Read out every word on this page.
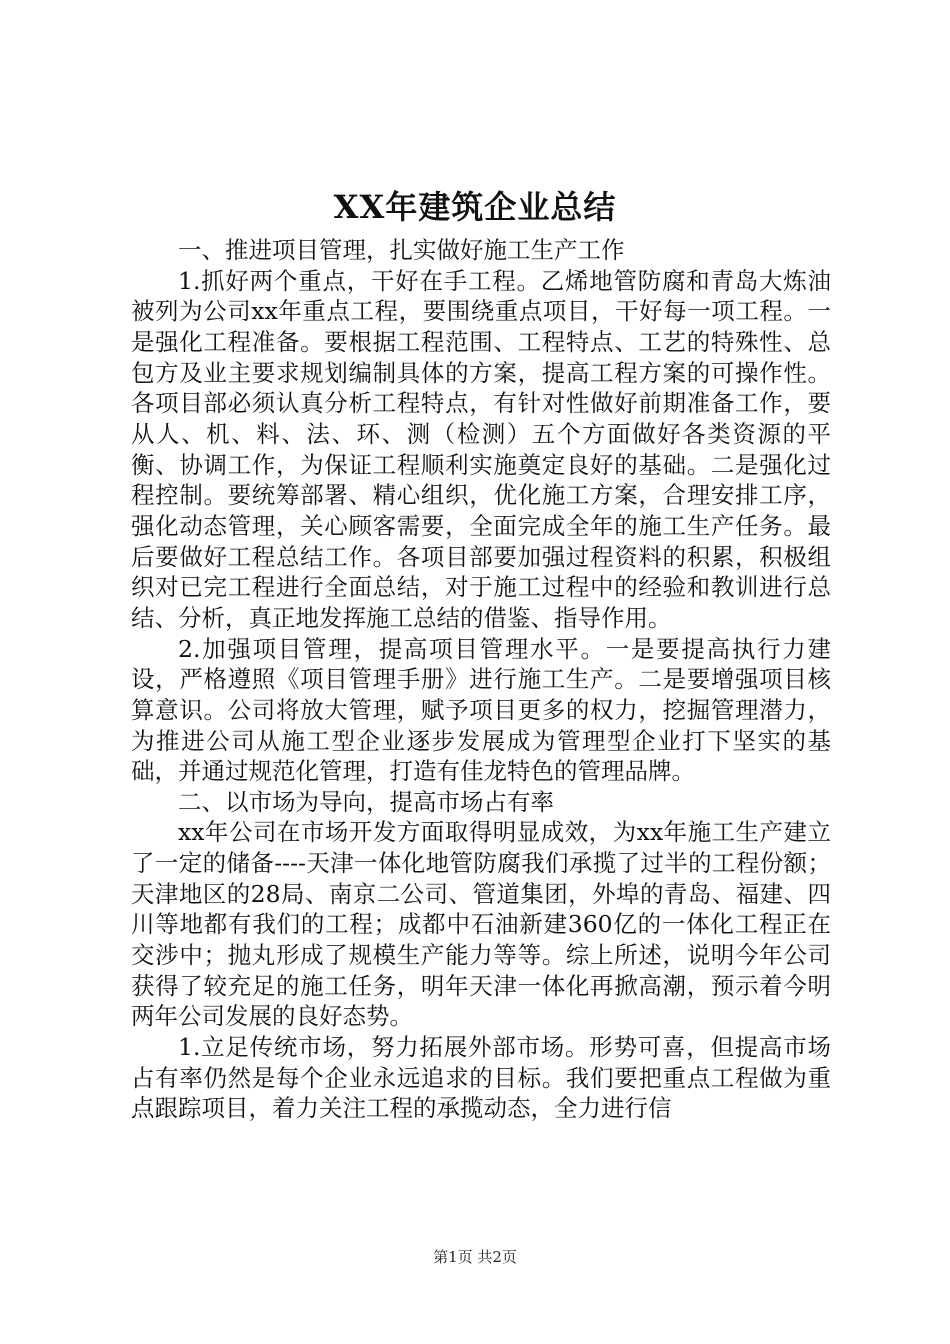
XX年建筑企业总结

一、推进项目管理，扎实做好施工生产工作

1.抓好两个重点，干好在手工程。乙烯地管防腐和青岛大炼油被列为公司xx年重点工程，要围绕重点项目，干好每一项工程。一是强化工程准备。要根据工程范围、工程特点、工艺的特殊性、总包方及业主要求规划编制具体的方案，提高工程方案的可操作性。各项目部必须认真分析工程特点，有针对性做好前期准备工作，要从人、机、料、法、环、测（检测）五个方面做好各类资源的平衡、协调工作，为保证工程顺利实施奠定良好的基础。二是强化过程控制。要统筹部署、精心组织，优化施工方案，合理安排工序，强化动态管理，关心顾客需要，全面完成全年的施工生产任务。最后要做好工程总结工作。各项目部要加强过程资料的积累，积极组织对已完工程进行全面总结，对于施工过程中的经验和教训进行总结、分析，真正地发挥施工总结的借鉴、指导作用。

2.加强项目管理，提高项目管理水平。一是要提高执行力建设，严格遵照《项目管理手册》进行施工生产。二是要增强项目核算意识。公司将放大管理，赋予项目更多的权力，挖掘管理潜力，为推进公司从施工型企业逐步发展成为管理型企业打下坚实的基础，并通过规范化管理，打造有佳龙特色的管理品牌。

二、以市场为导向，提高市场占有率

xx年公司在市场开发方面取得明显成效，为xx年施工生产建立了一定的储备----天津一体化地管防腐我们承揽了过半的工程份额；天津地区的28局、南京二公司、管道集团，外埠的青岛、福建、四川等地都有我们的工程；成都中石油新建360亿的一体化工程正在交涉中；抛丸形成了规模生产能力等等。综上所述，说明今年公司获得了较充足的施工任务，明年天津一体化再掀高潮，预示着今明两年公司发展的良好态势。

1.立足传统市场，努力拓展外部市场。形势可喜，但提高市场占有率仍然是每个企业永远追求的目标。我们要把重点工程做为重点跟踪项目，着力关注工程的承揽动态，全力进行信

第1页 共2页
